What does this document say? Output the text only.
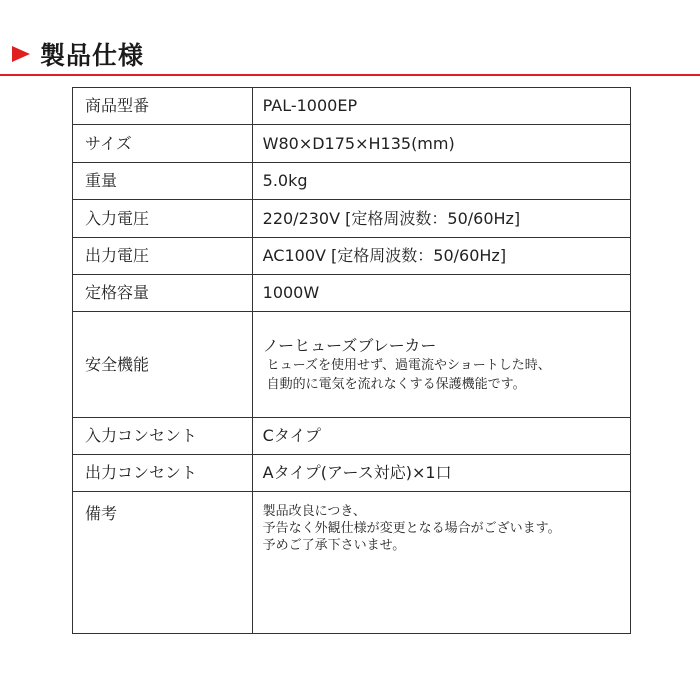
製品仕様
商品型番	PAL-1000EP
サイズ	W80×D175×H135(mm)
重量	5.0kg
入力電圧	220/230V [定格周波数：50/60Hz]
出力電圧	AC100V [定格周波数：50/60Hz]
定格容量	1000W
安全機能	ノーヒューズブレーカー
ヒューズを使用せず、過電流やショートした時、
自動的に電気を流れなくする保護機能です。

入力コンセント	Cタイプ
出力コンセント	Aタイプ(アース対応)×1口
備考	製品改良につき、
予告なく外観仕様が変更となる場合がございます。
予めご了承下さいませ。
